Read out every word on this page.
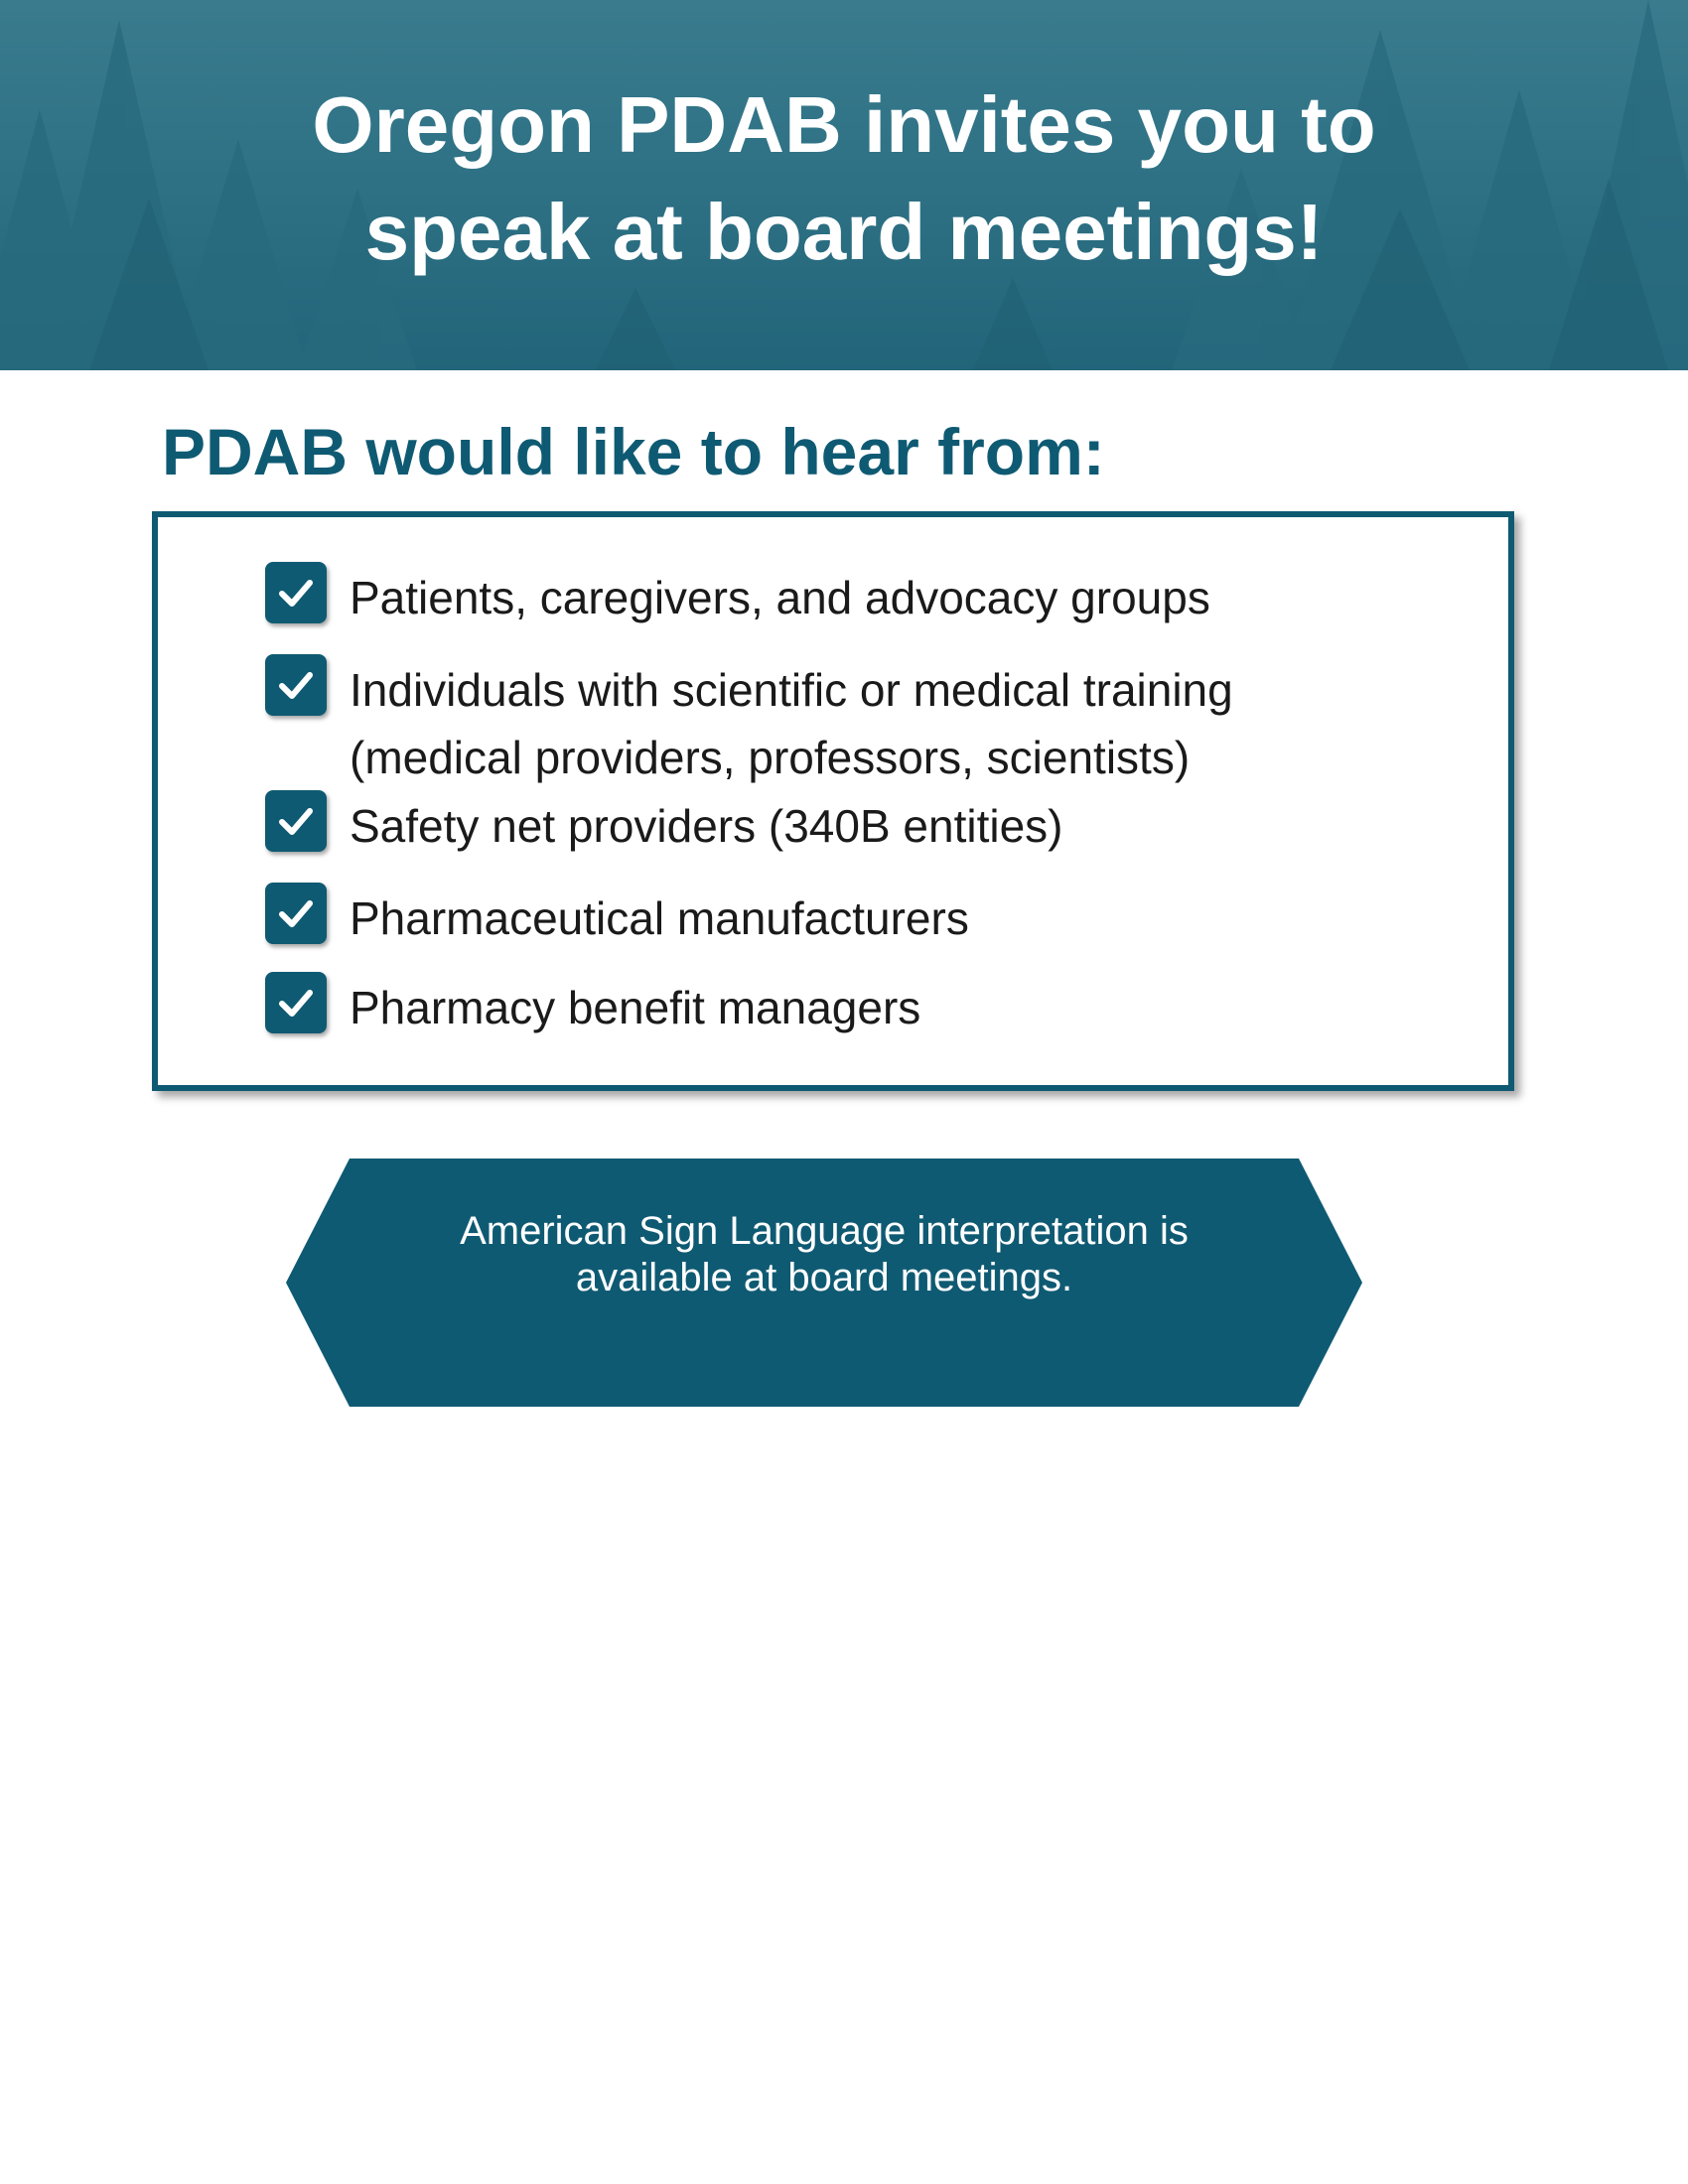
Oregon PDAB invites you to
speak at board meetings!
PDAB would like to hear from:
Patients, caregivers, and advocacy groups
Individuals with scientific or medical training
(medical providers, professors, scientists)
Safety net providers (340B entities)
Pharmaceutical manufacturers
Pharmacy benefit managers

American Sign Language interpretation is
available at board meetings.
